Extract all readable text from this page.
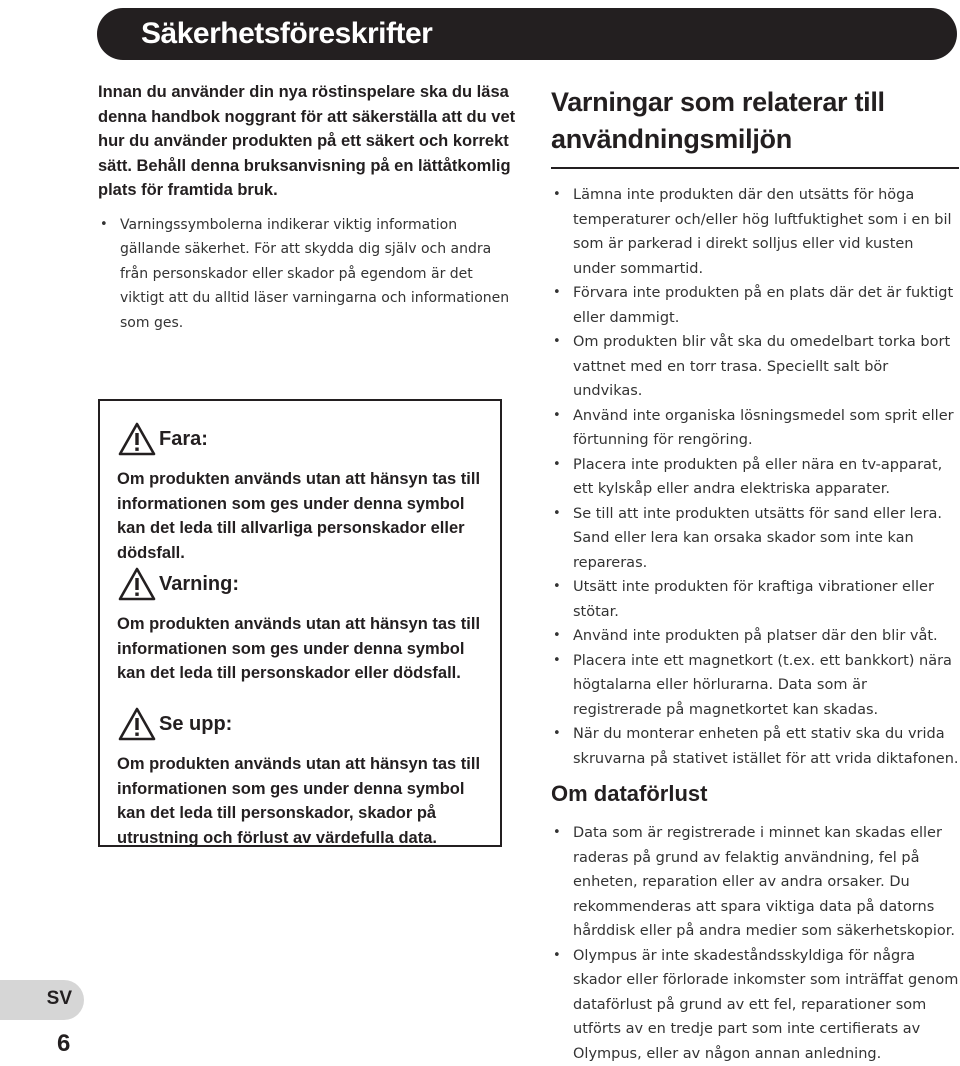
Säkerhetsföreskrifter

Innan du använder din nya röstinspelare ska du läsa denna handbok noggrant för att säkerställa att du vet hur du använder produkten på ett säkert och korrekt sätt. Behåll denna bruksanvisning på en lättåtkomlig plats för framtida bruk.

• Varningssymbolerna indikerar viktig information gällande säkerhet. För att skydda dig själv och andra från personskador eller skador på egendom är det viktigt att du alltid läser varningarna och informationen som ges.
Fara:

Om produkten används utan att hänsyn tas till informationen som ges under denna symbol kan det leda till allvarliga personskador eller dödsfall.

Varning:

Om produkten används utan att hänsyn tas till informationen som ges under denna symbol kan det leda till personskador eller dödsfall.

Se upp:

Om produkten används utan att hänsyn tas till informationen som ges under denna symbol kan det leda till personskador, skador på utrustning och förlust av värdefulla data.

Varningar som relaterar till användningsmiljön
• Lämna inte produkten där den utsätts för höga temperaturer och/eller hög luftfuktighet som i en bil som är parkerad i direkt solljus eller vid kusten under sommartid.
• Förvara inte produkten på en plats där det är fuktigt eller dammigt.
• Om produkten blir våt ska du omedelbart torka bort vattnet med en torr trasa. Speciellt salt bör undvikas.
• Använd inte organiska lösningsmedel som sprit eller förtunning för rengöring.
• Placera inte produkten på eller nära en tv-apparat, ett kylskåp eller andra elektriska apparater.
• Se till att inte produkten utsätts för sand eller lera. Sand eller lera kan orsaka skador som inte kan repareras.
• Utsätt inte produkten för kraftiga vibrationer eller stötar.
• Använd inte produkten på platser där den blir våt.
• Placera inte ett magnetkort (t.ex. ett bankkort) nära högtalarna eller hörlurarna. Data som är registrerade på magnetkortet kan skadas.
• När du monterar enheten på ett stativ ska du vrida skruvarna på stativet istället för att vrida diktafonen.
Om dataförlust
• Data som är registrerade i minnet kan skadas eller raderas på grund av felaktig användning, fel på enheten, reparation eller av andra orsaker. Du rekommenderas att spara viktiga data på datorns hårddisk eller på andra medier som säkerhetskopior.
• Olympus är inte skadeståndsskyldiga för några skador eller förlorade inkomster som inträffat genom dataförlust på grund av ett fel, reparationer som utförts av en tredje part som inte certifierats av Olympus, eller av någon annan anledning.
SV
6
